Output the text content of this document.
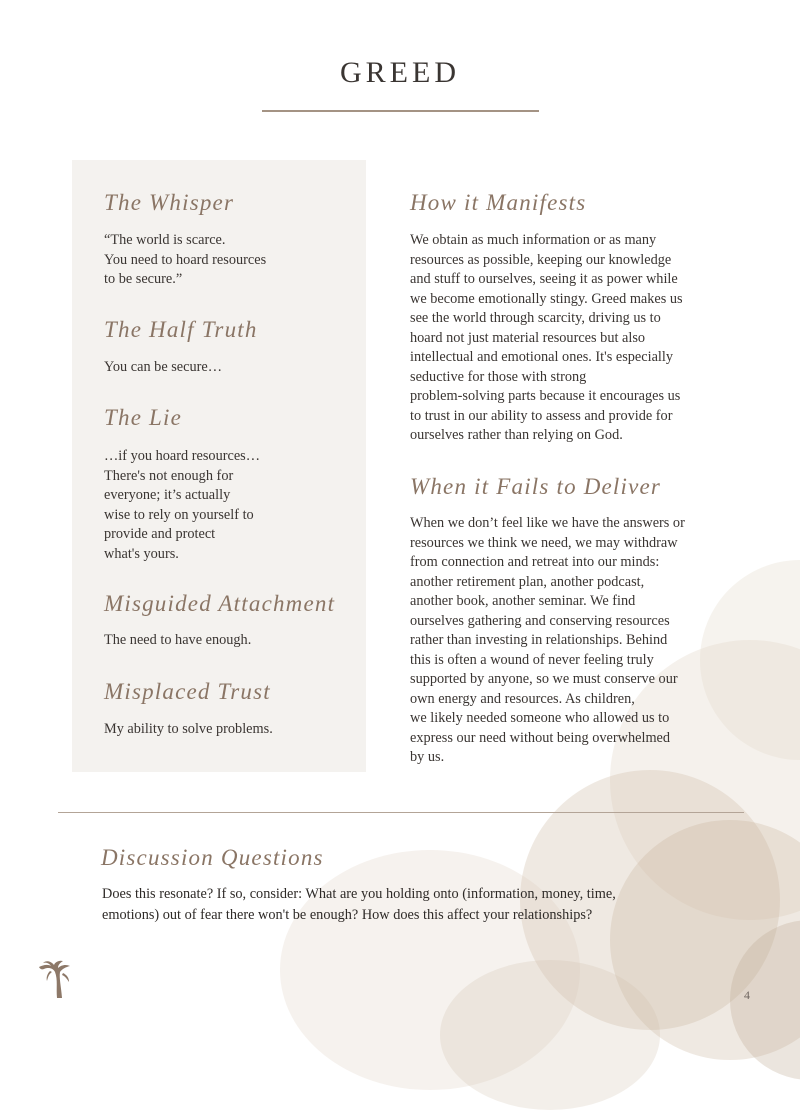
GREED
The Whisper

“The world is scarce.
You need to hoard resources
to be secure.”

The Half Truth

You can be secure…

The Lie

…if you hoard resources…
There's not enough for
everyone; it’s actually
wise to rely on yourself to
provide and protect
what's yours.

Misguided Attachment

The need to have enough.

Misplaced Trust

My ability to solve problems.

How it Manifests

We obtain as much information or as many
resources as possible, keeping our knowledge
and stuff to ourselves, seeing it as power while
we become emotionally stingy. Greed makes us
see the world through scarcity, driving us to
hoard not just material resources but also
intellectual and emotional ones. It's especially
seductive for those with strong
problem-solving parts because it encourages us
to trust in our ability to assess and provide for
ourselves rather than relying on God.

When it Fails to Deliver

When we don’t feel like we have the answers or
resources we think we need, we may withdraw
from connection and retreat into our minds:
another retirement plan, another podcast,
another book, another seminar. We find
ourselves gathering and conserving resources
rather than investing in relationships. Behind
this is often a wound of never feeling truly
supported by anyone, so we must conserve our
own energy and resources. As children,
we likely needed someone who allowed us to
express our need without being overwhelmed
by us.

Discussion Questions

Does this resonate? If so, consider: What are you holding onto (information, money, time,
emotions) out of fear there won't be enough? How does this affect your relationships?

4
